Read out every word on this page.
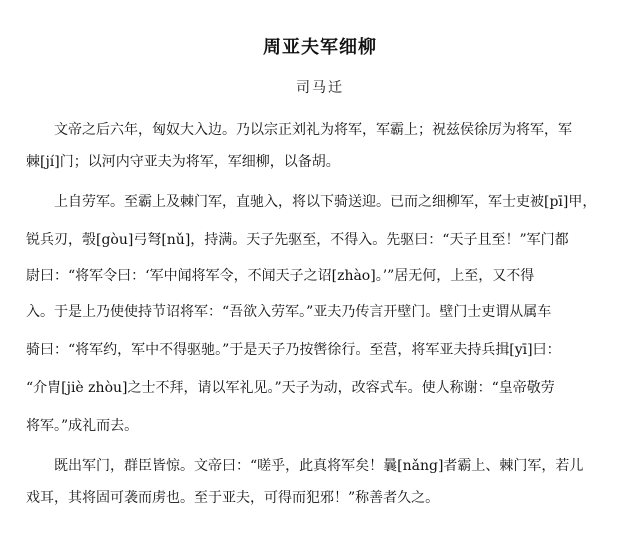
周亚夫军细柳
司马迁
文帝之后六年，匈奴大入边。乃以宗正刘礼为将军，军霸上；祝兹侯徐厉为将军，军
棘[jí]门；以河内守亚夫为将军，军细柳，以备胡。
上自劳军。至霸上及棘门军，直驰入，将以下骑送迎。已而之细柳军，军士吏被[pī]甲，
锐兵刃，彀[gòu]弓弩[nǔ]，持满。天子先驱至，不得入。先驱曰：“天子且至！”军门都
尉曰：“将军令曰：‘军中闻将军令，不闻天子之诏[zhào]。’”居无何，上至，又不得
入。于是上乃使使持节诏将军：“吾欲入劳军。”亚夫乃传言开壁门。壁门士吏谓从属车
骑曰：“将军约，军中不得驱驰。”于是天子乃按辔徐行。至营，将军亚夫持兵揖[yī]曰：
“介胄[jiè zhòu]之士不拜，请以军礼见。”天子为动，改容式车。使人称谢：“皇帝敬劳
将军。”成礼而去。
既出军门，群臣皆惊。文帝曰：“嗟乎，此真将军矣！曩[nǎng]者霸上、棘门军，若儿
戏耳，其将固可袭而虏也。至于亚夫，可得而犯邪！”称善者久之。
